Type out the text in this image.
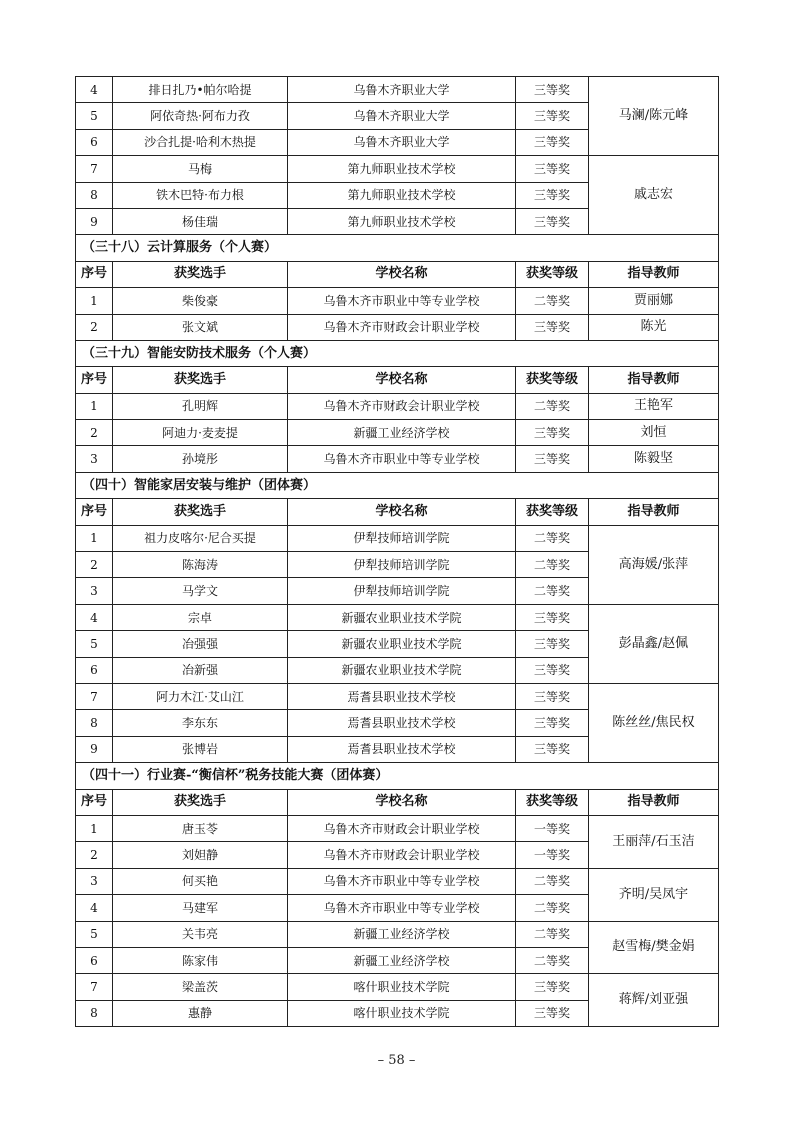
4	排日扎乃•帕尔哈提	乌鲁木齐职业大学	三等奖	马澜/陈元峰
5	阿依奇热·阿布力孜	乌鲁木齐职业大学	三等奖	
6	沙合扎提·哈利木热提	乌鲁木齐职业大学	三等奖	
7	马梅	第九师职业技术学校	三等奖	戚志宏
8	铁木巴特·布力根	第九师职业技术学校	三等奖	
9	杨佳瑞	第九师职业技术学校	三等奖	
（三十八）云计算服务（个人赛）				
序号	获奖选手	学校名称	获奖等级	指导教师
1	柴俊豪	乌鲁木齐市职业中等专业学校	二等奖	贾丽娜
2	张文斌	乌鲁木齐市财政会计职业学校	三等奖	陈光
（三十九）智能安防技术服务（个人赛）				
序号	获奖选手	学校名称	获奖等级	指导教师
1	孔明辉	乌鲁木齐市财政会计职业学校	二等奖	王艳军
2	阿迪力·麦麦提	新疆工业经济学校	三等奖	刘恒
3	孙境彤	乌鲁木齐市职业中等专业学校	三等奖	陈毅坚
（四十）智能家居安装与维护（团体赛）				
序号	获奖选手	学校名称	获奖等级	指导教师
1	祖力皮喀尔·尼合买提	伊犁技师培训学院	二等奖	高海媛/张萍
2	陈海涛	伊犁技师培训学院	二等奖	
3	马学文	伊犁技师培训学院	二等奖	
4	宗卓	新疆农业职业技术学院	三等奖	彭晶鑫/赵佩
5	冶强强	新疆农业职业技术学院	三等奖	
6	冶新强	新疆农业职业技术学院	三等奖	
7	阿力木江·艾山江	焉耆县职业技术学校	三等奖	陈丝丝/焦民权
8	李东东	焉耆县职业技术学校	三等奖	
9	张博岩	焉耆县职业技术学校	三等奖	
（四十一）行业赛-“衡信杯”税务技能大赛（团体赛）				
序号	获奖选手	学校名称	获奖等级	指导教师
1	唐玉苓	乌鲁木齐市财政会计职业学校	一等奖	王丽萍/石玉洁
2	刘妲静	乌鲁木齐市财政会计职业学校	一等奖	
3	何买艳	乌鲁木齐市职业中等专业学校	二等奖	齐明/吴凤宇
4	马建军	乌鲁木齐市职业中等专业学校	二等奖	
5	关韦亮	新疆工业经济学校	二等奖	赵雪梅/樊金娟
6	陈家伟	新疆工业经济学校	二等奖	
7	梁盖茨	喀什职业技术学院	三等奖	蒋辉/刘亚强
8	惠静	喀什职业技术学院	三等奖	
– 58 –
